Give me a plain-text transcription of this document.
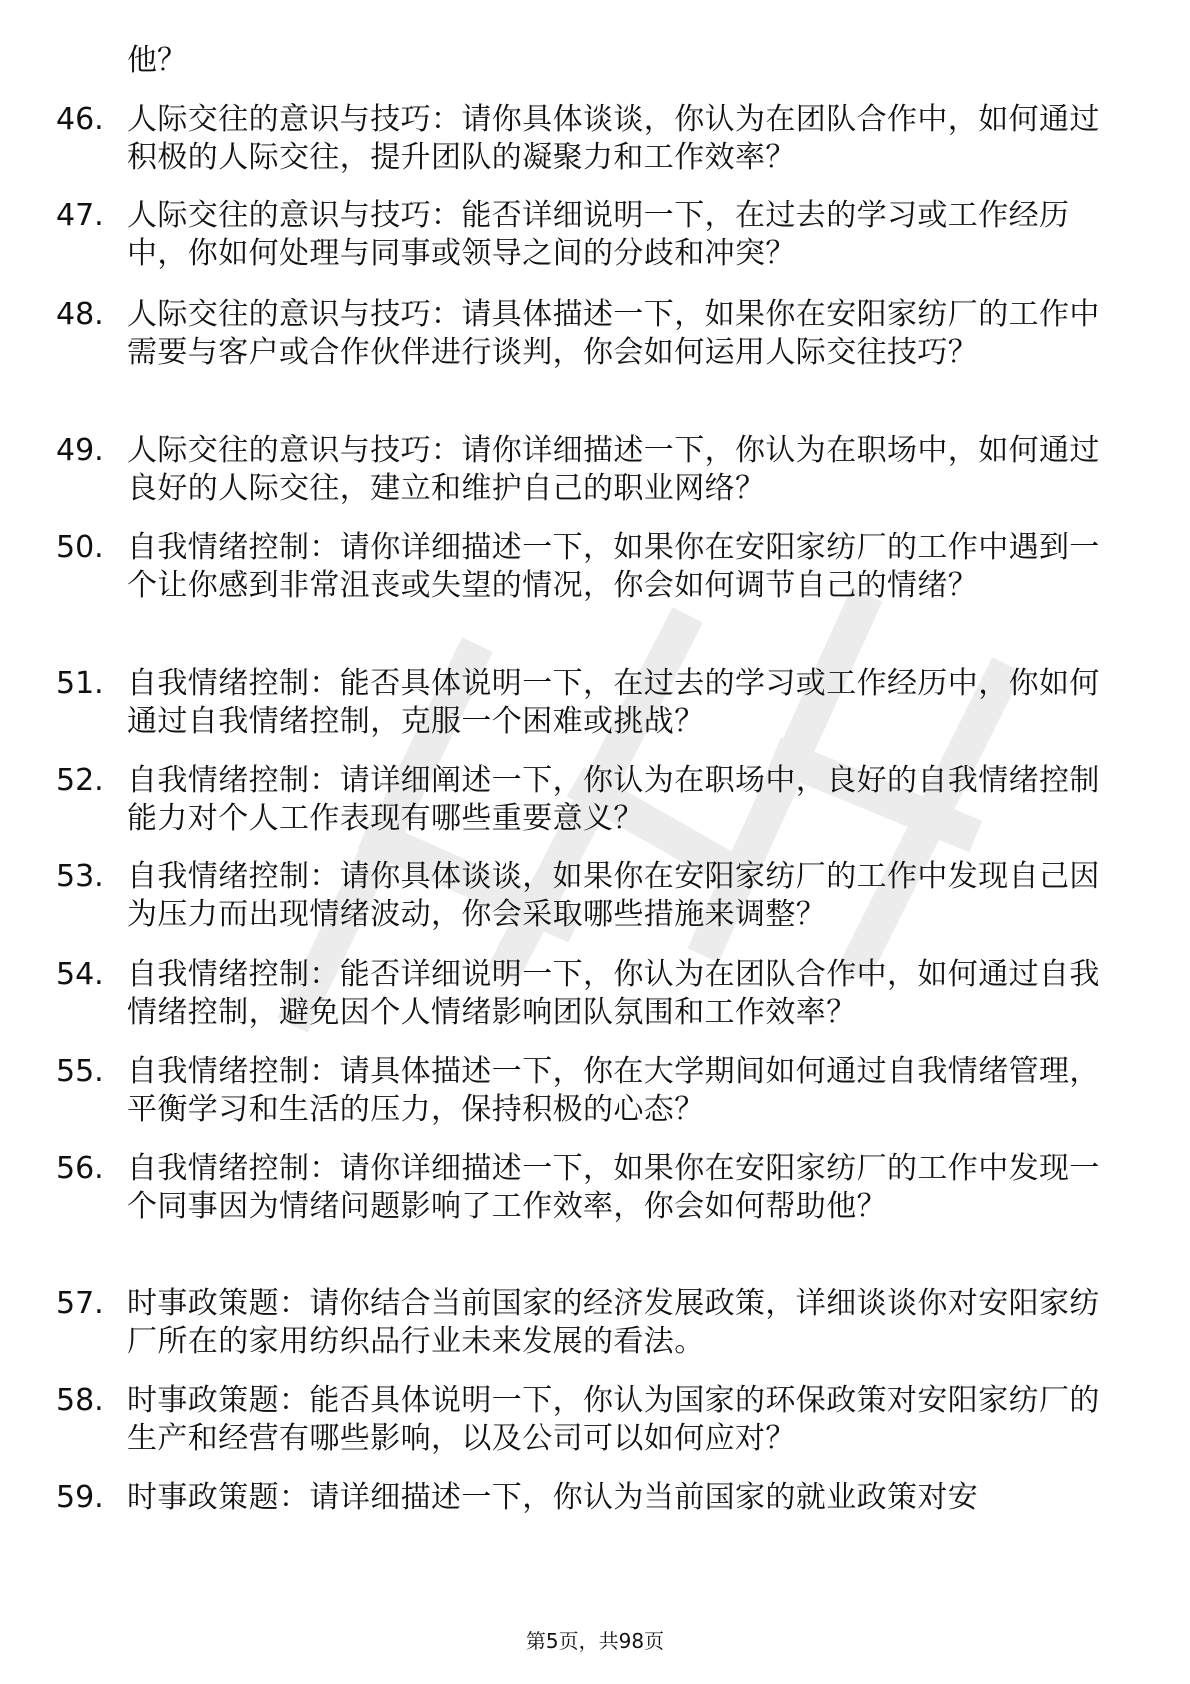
他？
46. 人际交往的意识与技巧：请你具体谈谈，你认为在团队合作中，如何通过积极的人际交往，提升团队的凝聚力和工作效率？
47. 人际交往的意识与技巧：能否详细说明一下，在过去的学习或工作经历中，你如何处理与同事或领导之间的分歧和冲突？
48. 人际交往的意识与技巧：请具体描述一下，如果你在安阳家纺厂的工作中需要与客户或合作伙伴进行谈判，你会如何运用人际交往技巧？
49. 人际交往的意识与技巧：请你详细描述一下，你认为在职场中，如何通过良好的人际交往，建立和维护自己的职业网络？
50. 自我情绪控制：请你详细描述一下，如果你在安阳家纺厂的工作中遇到一个让你感到非常沮丧或失望的情况，你会如何调节自己的情绪？
51. 自我情绪控制：能否具体说明一下，在过去的学习或工作经历中，你如何通过自我情绪控制，克服一个困难或挑战？
52. 自我情绪控制：请详细阐述一下，你认为在职场中，良好的自我情绪控制能力对个人工作表现有哪些重要意义？
53. 自我情绪控制：请你具体谈谈，如果你在安阳家纺厂的工作中发现自己因为压力而出现情绪波动，你会采取哪些措施来调整？
54. 自我情绪控制：能否详细说明一下，你认为在团队合作中，如何通过自我情绪控制，避免因个人情绪影响团队氛围和工作效率？
55. 自我情绪控制：请具体描述一下，你在大学期间如何通过自我情绪管理，平衡学习和生活的压力，保持积极的心态？
56. 自我情绪控制：请你详细描述一下，如果你在安阳家纺厂的工作中发现一个同事因为情绪问题影响了工作效率，你会如何帮助他？
57. 时事政策题：请你结合当前国家的经济发展政策，详细谈谈你对安阳家纺厂所在的家用纺织品行业未来发展的看法。
58. 时事政策题：能否具体说明一下，你认为国家的环保政策对安阳家纺厂的生产和经营有哪些影响，以及公司可以如何应对？
59. 时事政策题：请详细描述一下，你认为当前国家的就业政策对安
第5页，共98页
